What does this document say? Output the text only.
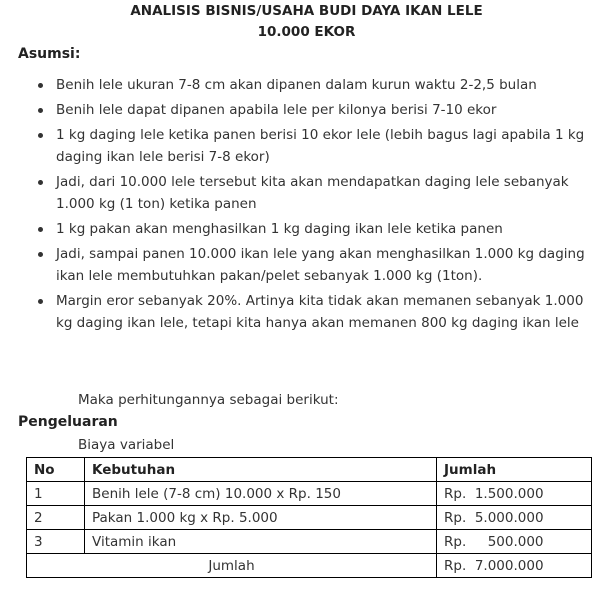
ANALISIS BISNIS/USAHA BUDI DAYA IKAN LELE
10.000 EKOR
Asumsi:
Benih lele ukuran 7-8 cm akan dipanen dalam kurun waktu 2-2,5 bulan
Benih lele dapat dipanen apabila lele per kilonya berisi 7-10 ekor
1 kg daging lele ketika panen berisi 10 ekor lele (lebih bagus lagi apabila 1 kg daging ikan lele berisi 7-8 ekor)
Jadi, dari 10.000 lele tersebut kita akan mendapatkan daging lele sebanyak 1.000 kg (1 ton) ketika panen
1 kg pakan akan menghasilkan 1 kg daging ikan lele ketika panen
Jadi, sampai panen 10.000 ikan lele yang akan menghasilkan 1.000 kg daging ikan lele membutuhkan pakan/pelet sebanyak 1.000 kg (1ton).
Margin eror sebanyak 20%. Artinya kita tidak akan memanen sebanyak 1.000 kg daging ikan lele, tetapi kita hanya akan memanen 800 kg daging ikan lele
Maka perhitungannya sebagai berikut:
Pengeluaran
Biaya variabel
No	Kebutuhan	Jumlah
1	Benih lele (7-8 cm) 10.000 x Rp. 150	Rp.  1.500.000
2	Pakan 1.000 kg x Rp. 5.000	Rp.  5.000.000
3	Vitamin ikan	Rp.     500.000
Jumlah		Rp.  7.000.000
